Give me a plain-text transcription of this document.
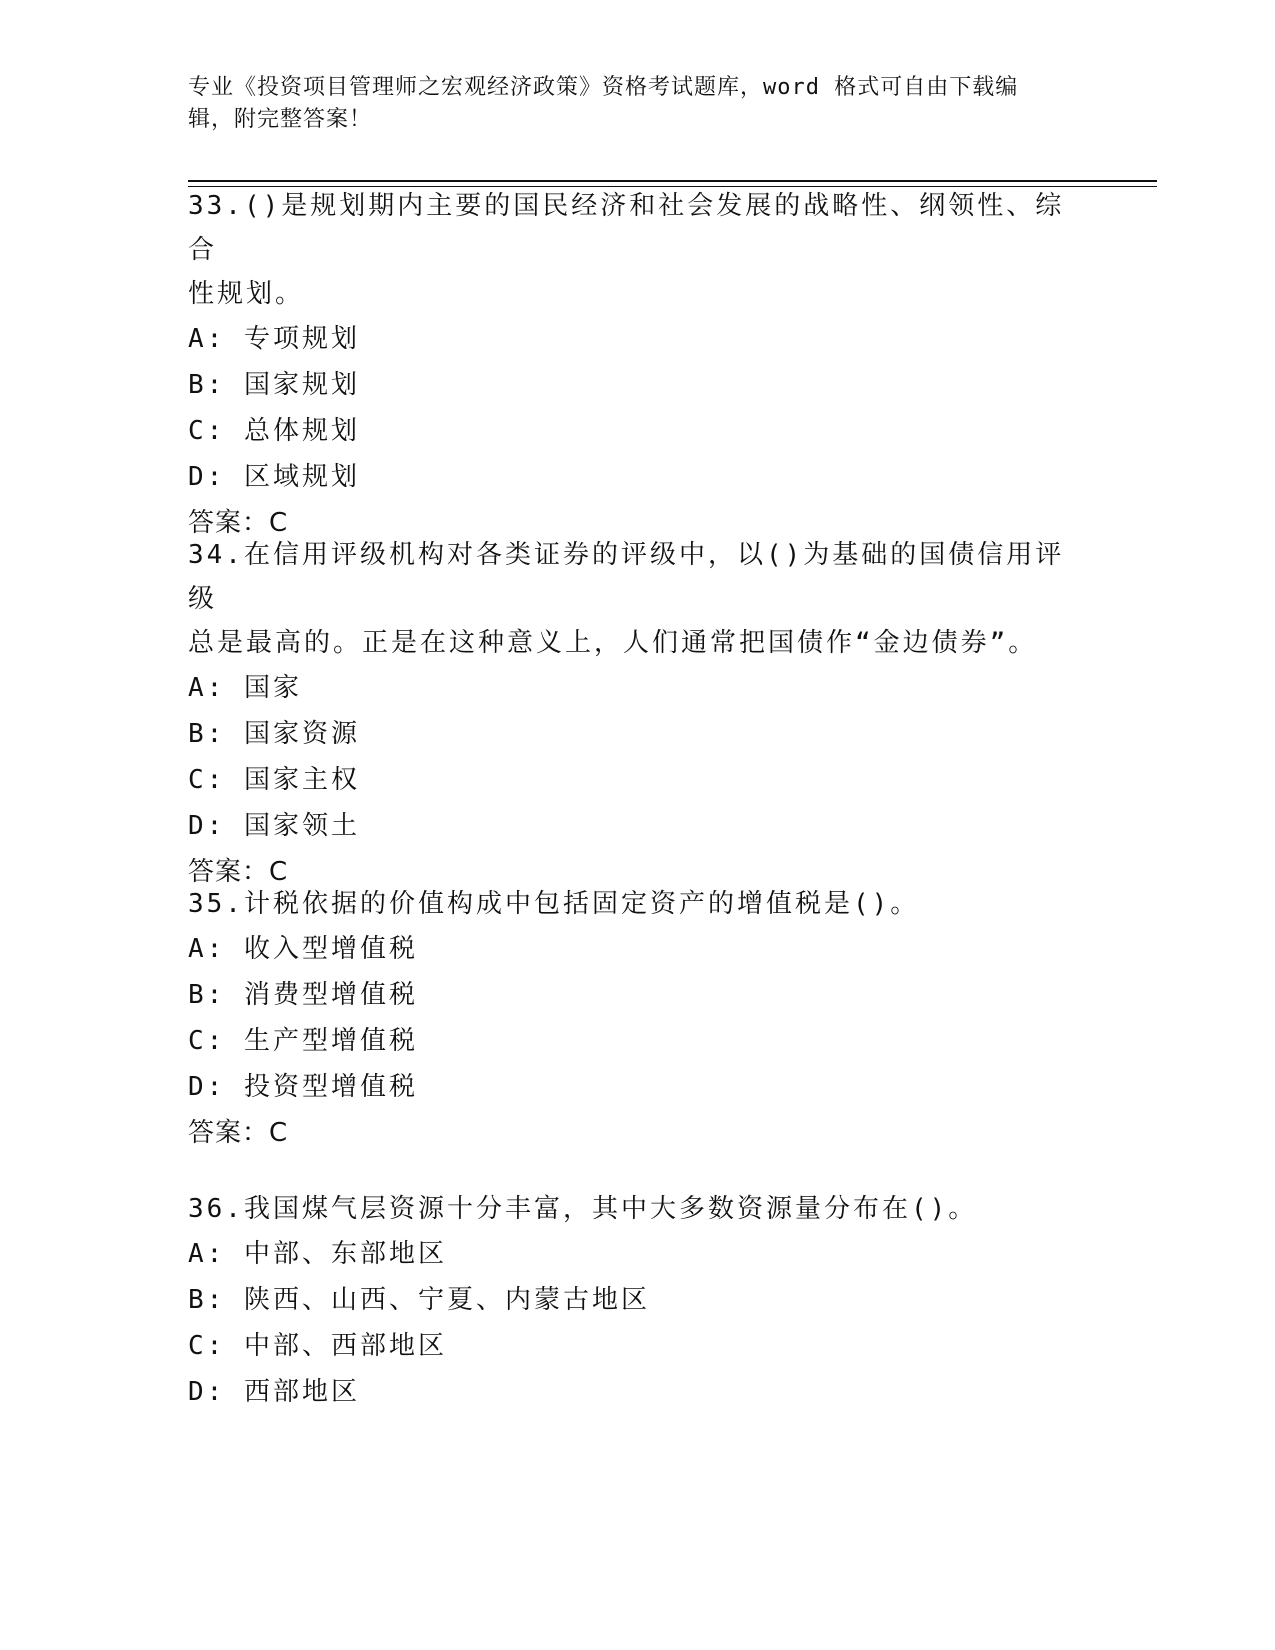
专业《投资项目管理师之宏观经济政策》资格考试题库，word 格式可自由下载编
辑，附完整答案！
33.()是规划期内主要的国民经济和社会发展的战略性、纲领性、综合
性规划。
A: 专项规划
B: 国家规划
C: 总体规划
D: 区域规划
答案：C
34.在信用评级机构对各类证券的评级中，以()为基础的国债信用评级
总是最高的。正是在这种意义上，人们通常把国债作“金边债券”。
A: 国家
B: 国家资源
C: 国家主权
D: 国家领土
答案：C
35.计税依据的价值构成中包括固定资产的增值税是()。
A: 收入型增值税
B: 消费型增值税
C: 生产型增值税
D: 投资型增值税
答案：C
36.我国煤气层资源十分丰富，其中大多数资源量分布在()。
A: 中部、东部地区
B: 陕西、山西、宁夏、内蒙古地区
C: 中部、西部地区
D: 西部地区
